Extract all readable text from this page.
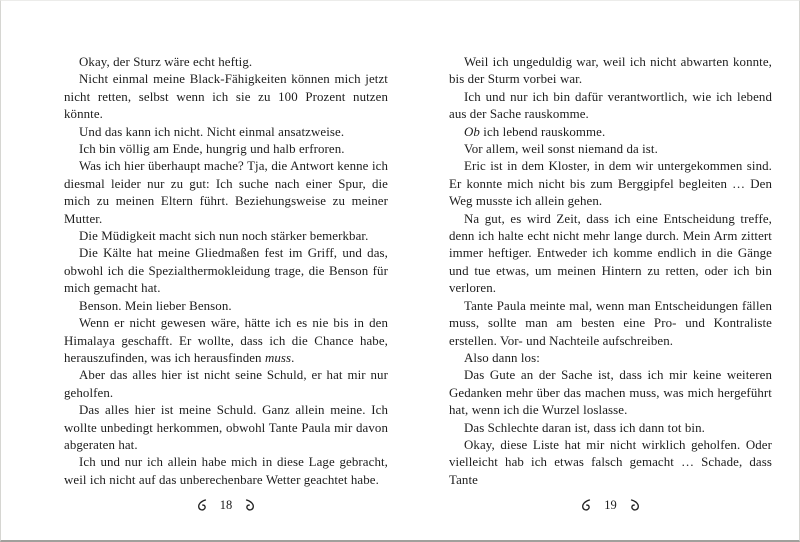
Okay, der Sturz wäre echt heftig.

Nicht einmal meine Black-Fähigkeiten können mich jetzt nicht retten, selbst wenn ich sie zu 100 Prozent nutzen könnte.

Und das kann ich nicht. Nicht einmal ansatzweise.

Ich bin völlig am Ende, hungrig und halb erfroren.

Was ich hier überhaupt mache? Tja, die Antwort kenne ich diesmal leider nur zu gut: Ich suche nach einer Spur, die mich zu meinen Eltern führt. Beziehungsweise zu meiner Mutter.

Die Müdigkeit macht sich nun noch stärker bemerkbar.

Die Kälte hat meine Gliedmaßen fest im Griff, und das, obwohl ich die Spezialthermokleidung trage, die Benson für mich gemacht hat.

Benson. Mein lieber Benson.

Wenn er nicht gewesen wäre, hätte ich es nie bis in den Himalaya geschafft. Er wollte, dass ich die Chance habe, herauszufinden, was ich herausfinden muss.

Aber das alles hier ist nicht seine Schuld, er hat mir nur geholfen.

Das alles hier ist meine Schuld. Ganz allein meine. Ich wollte unbedingt herkommen, obwohl Tante Paula mir davon abgeraten hat.

Ich und nur ich allein habe mich in diese Lage gebracht, weil ich nicht auf das unberechenbare Wetter geachtet habe.

Weil ich ungeduldig war, weil ich nicht abwarten konnte, bis der Sturm vorbei war.

Ich und nur ich bin dafür verantwortlich, wie ich lebend aus der Sache rauskomme.

Ob ich lebend rauskomme.

Vor allem, weil sonst niemand da ist.

Eric ist in dem Kloster, in dem wir untergekommen sind. Er konnte mich nicht bis zum Berggipfel begleiten … Den Weg musste ich allein gehen.

Na gut, es wird Zeit, dass ich eine Entscheidung treffe, denn ich halte echt nicht mehr lange durch. Mein Arm zittert immer heftiger. Entweder ich komme endlich in die Gänge und tue etwas, um meinen Hintern zu retten, oder ich bin verloren.

Tante Paula meinte mal, wenn man Entscheidungen fällen muss, sollte man am besten eine Pro- und Kontraliste erstellen. Vor- und Nachteile aufschreiben.

Also dann los:

Das Gute an der Sache ist, dass ich mir keine weiteren Gedanken mehr über das machen muss, was mich hergeführt hat, wenn ich die Wurzel loslasse.

Das Schlechte daran ist, dass ich dann tot bin.

Okay, diese Liste hat mir nicht wirklich geholfen. Oder vielleicht hab ich etwas falsch gemacht … Schade, dass Tante

18	19
